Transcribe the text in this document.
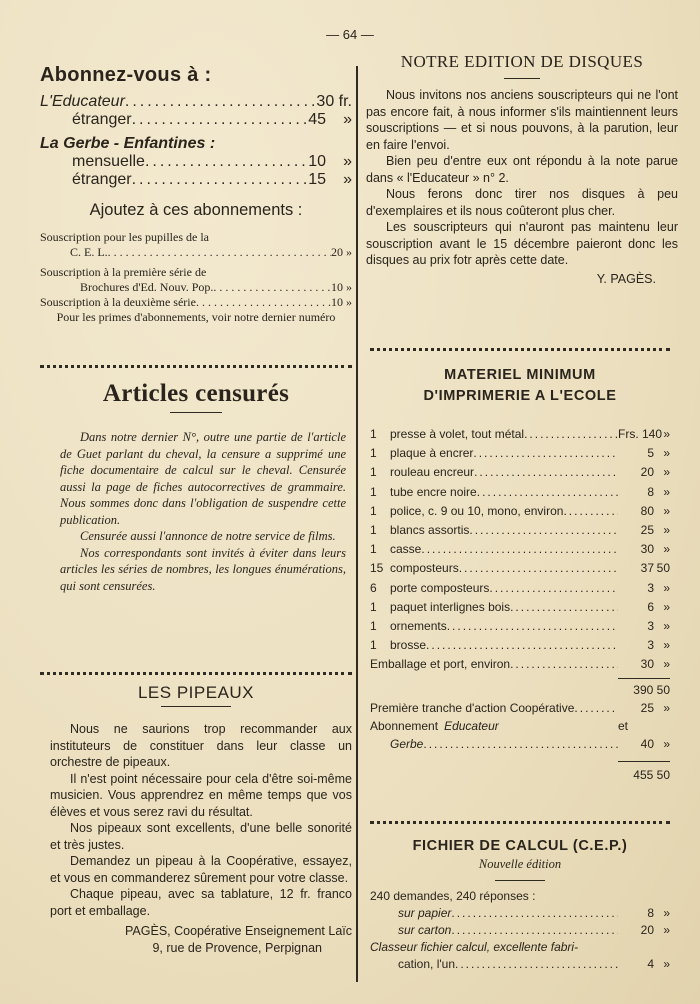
— 64 —
Abonnez-vous à :
L'Educateur .....	30 fr.
étranger .....	45	»
La Gerbe - Enfantines :
mensuelle .....	10	»
étranger .....	15	»
Ajoutez à ces abonnements :
Souscription pour les pupilles de la
C. E. L. .....	20 »
Souscription à la première série de
Brochures d'Ed. Nouv. Pop. .....	10 »
Souscription à la deuxième série .....	10 »
Pour les primes d'abonnements, voir notre dernier numéro
Articles censurés

Dans notre dernier N°, outre une partie de l'article de Guet parlant du cheval, la censure a supprimé une fiche documentaire de calcul sur le cheval. Censurée aussi la page de fiches autocorrectives de grammaire. Nous sommes donc dans l'obligation de suspendre cette publication.

Censurée aussi l'annonce de notre service de films.

Nos correspondants sont invités à éviter dans leurs articles les séries de nombres, les longues énumérations, qui sont censurées.

LES PIPEAUX

Nous ne saurions trop recommander aux instituteurs de constituer dans leur classe un orchestre de pipeaux.

Il n'est point nécessaire pour cela d'être soi-même musicien. Vous apprendrez en même temps que vos élèves et vous serez ravi du résultat.

Nos pipeaux sont excellents, d'une belle sonorité et très justes.

Demandez un pipeau à la Coopérative, essayez, et vous en commanderez sûrement pour votre classe.

Chaque pipeau, avec sa tablature, 12 fr. franco port et emballage.

PAGÈS, Coopérative Enseignement Laïc
9, rue de Provence, Perpignan
NOTRE EDITION DE DISQUES

Nous invitons nos anciens souscripteurs qui ne l'ont pas encore fait, à nous informer s'ils maintiennent leurs souscriptions — et si nous pouvons, à la parution, leur en faire l'envoi.

Bien peu d'entre eux ont répondu à la note parue dans « l'Educateur » n° 2.

Nous ferons donc tirer nos disques à peu d'exemplaires et ils nous coûteront plus cher.

Les souscripteurs qui n'auront pas maintenu leur souscription avant le 15 décembre paieront donc les disques au prix fotr après cette date.

Y. PAGÈS.
MATERIEL MINIMUM
D'IMPRIMERIE A L'ECOLE
1	presse à volet, tout métal .....	Frs. 140 »
1	plaque à encrer .....	5 »
1	rouleau encreur .....	20 »
1	tube encre noire .....	8 »
1	police, c. 9 ou 10, mono, environ .....	80 »
1	blancs assortis .....	25 »
1	casse .....	30 »
15 composteurs .....	37 50
6	porte composteurs .....	3 »
1	paquet interlignes bois .....	6 »
1	ornements .....	3 »
1	brosse .....	3 »
Emballage et port, environ .....	30 »
390 50
Première tranche d'action Coopérative .....	25 »
Abonnement Educateur	et
Gerbe .....	40 »
455 50
FICHIER DE CALCUL (C.E.P.)
Nouvelle édition
240 demandes, 240 réponses :
sur papier .....	8 »
sur carton .....	20 »
Classeur fichier calcul, excellente fabri-
cation, l'un .....	4 »
